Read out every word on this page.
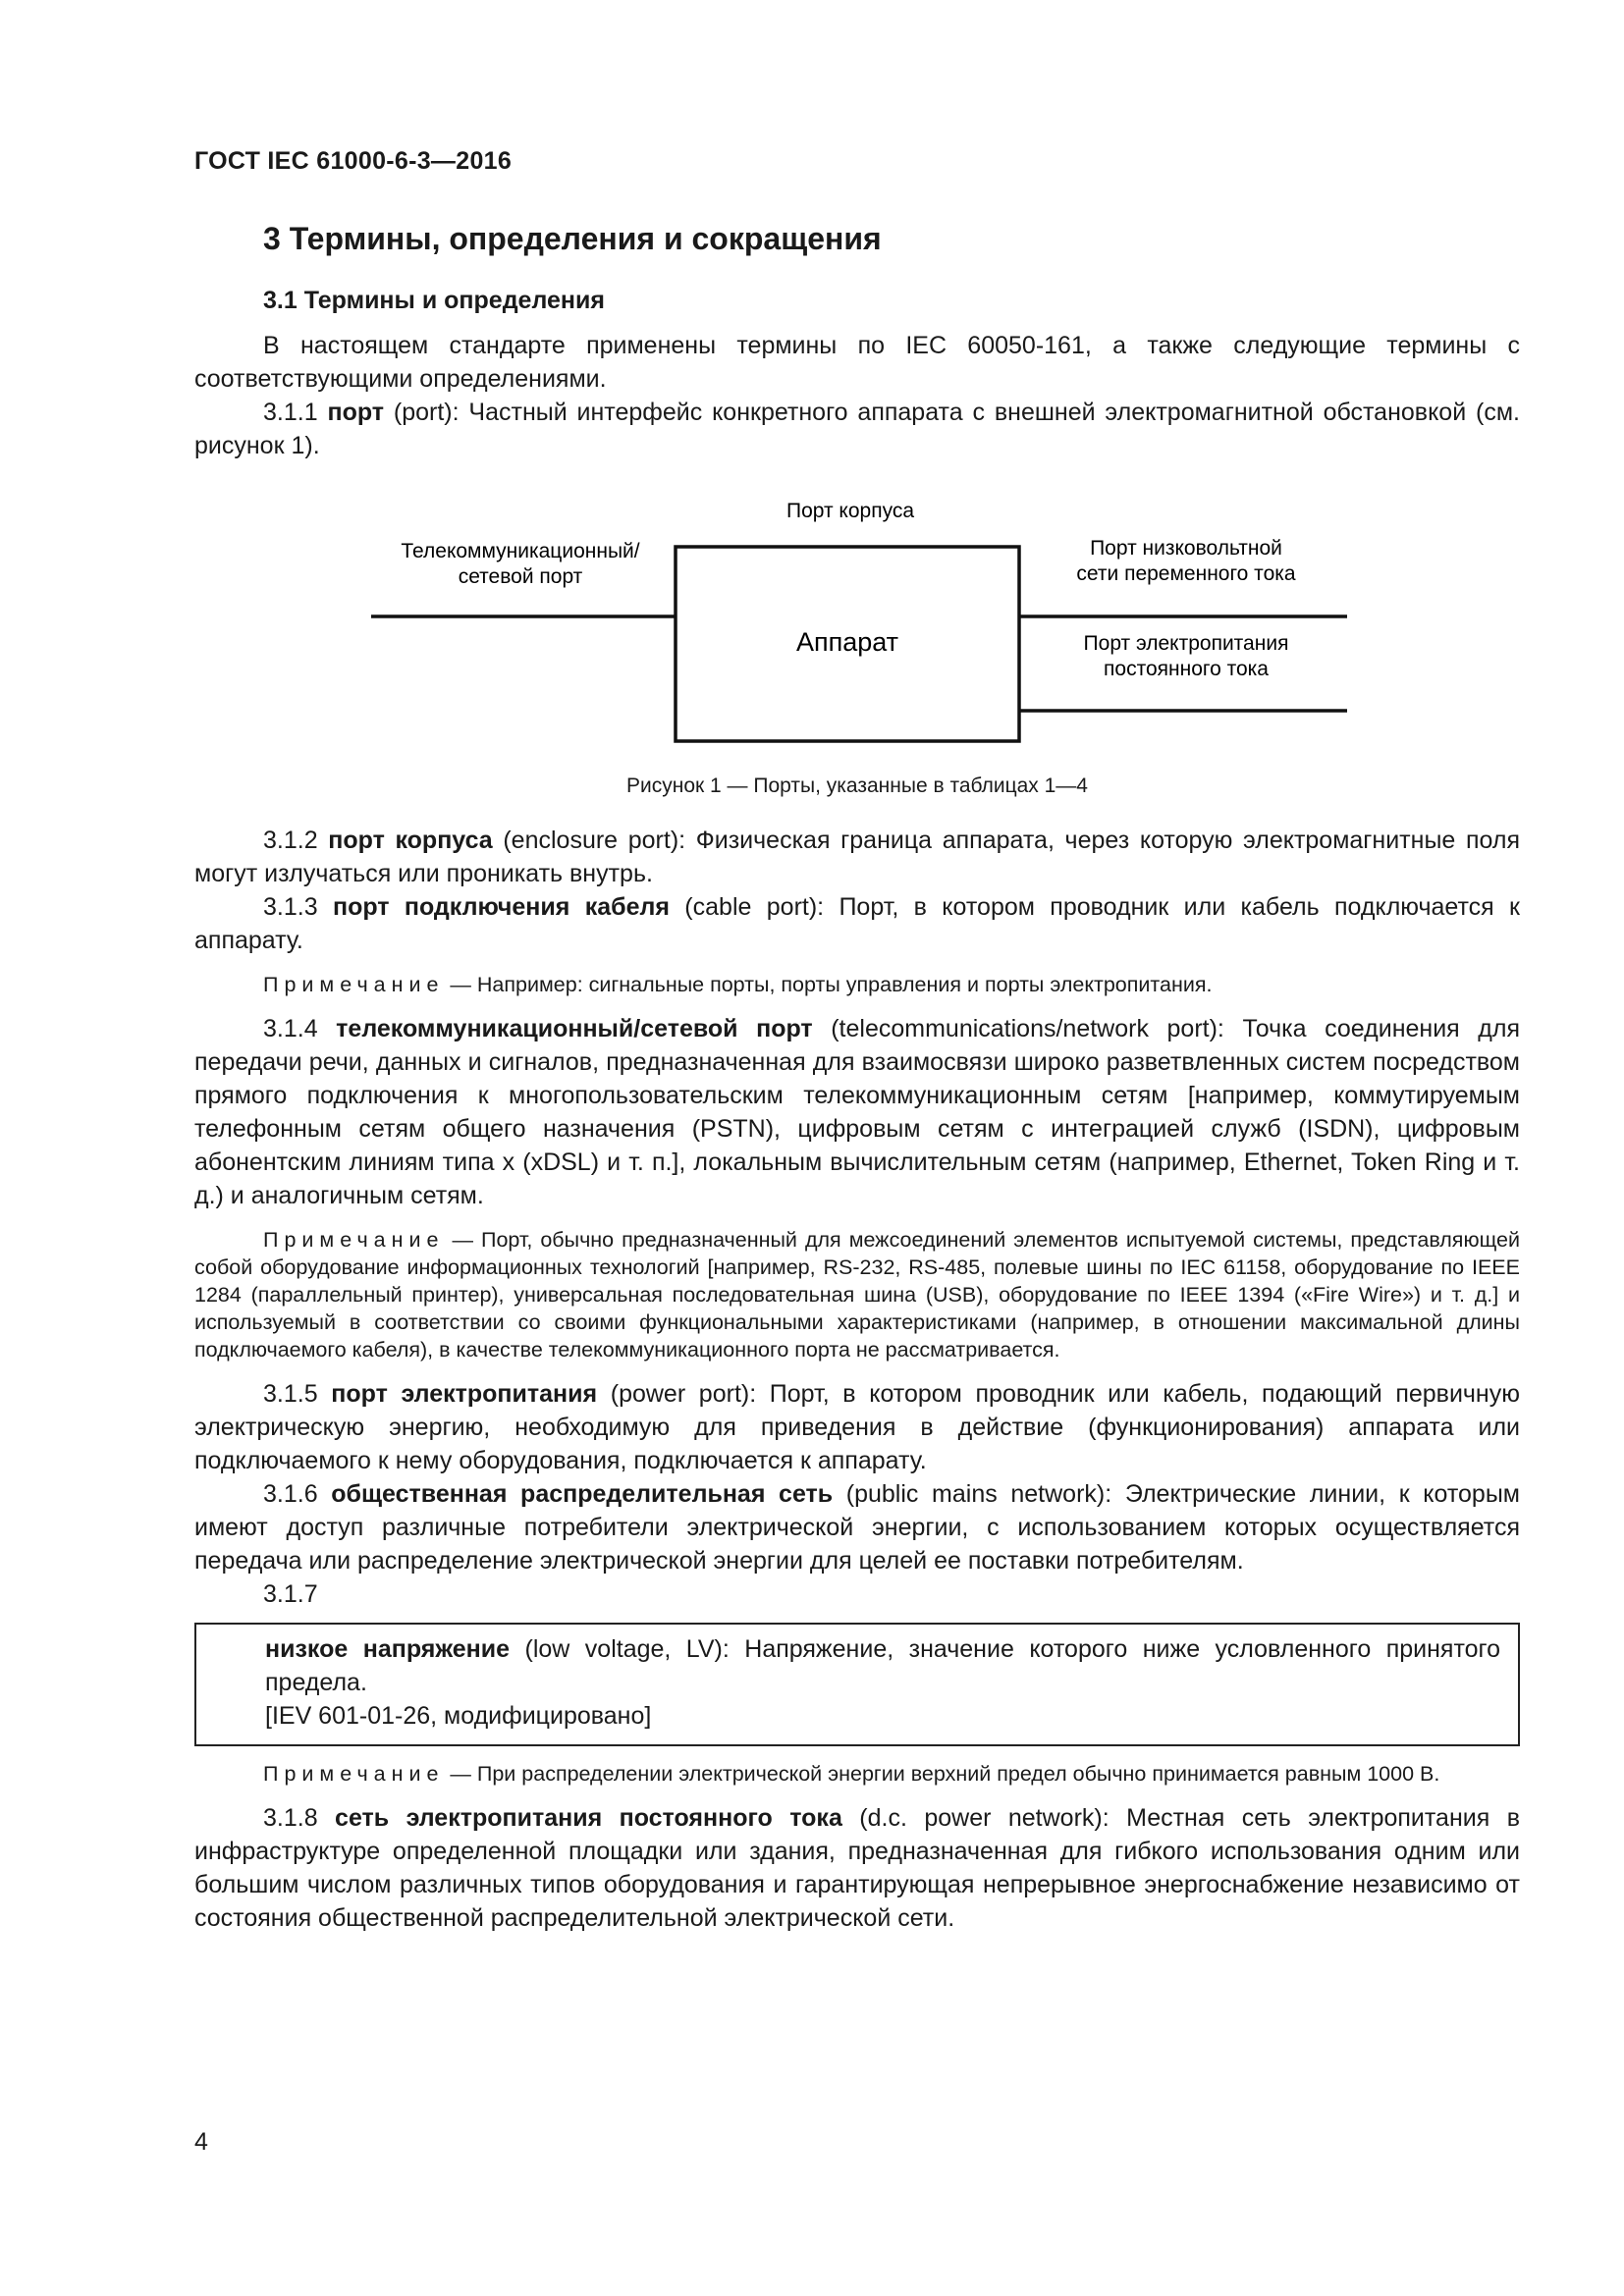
ГОСТ IEC 61000-6-3—2016
3 Термины, определения и сокращения
3.1 Термины и определения

В настоящем стандарте применены термины по IEC 60050-161, а также следующие термины с соответствующими определениями.

3.1.1 порт (port): Частный интерфейс конкретного аппарата с внешней электромагнитной обстановкой (см. рисунок 1).

Порт корпуса
Телекоммуникационный/
сетевой порт
Аппарат
Порт низковольтной
сети переменного тока
Порт электропитания
постоянного тока

Рисунок 1 — Порты, указанные в таблицах 1—4

3.1.2 порт корпуса (enclosure port): Физическая граница аппарата, через которую электромагнитные поля могут излучаться или проникать внутрь.

3.1.3 порт подключения кабеля (cable port): Порт, в котором проводник или кабель подключается к аппарату.

Примечание — Например: сигнальные порты, порты управления и порты электропитания.

3.1.4 телекоммуникационный/сетевой порт (telecommunications/network port): Точка соединения для передачи речи, данных и сигналов, предназначенная для взаимосвязи широко разветвленных систем посредством прямого подключения к многопользовательским телекоммуникационным сетям [например, коммутируемым телефонным сетям общего назначения (PSTN), цифровым сетям с интеграцией служб (ISDN), цифровым абонентским линиям типа x (xDSL) и т. п.], локальным вычислительным сетям (например, Ethernet, Token Ring и т. д.) и аналогичным сетям.

Примечание — Порт, обычно предназначенный для межсоединений элементов испытуемой системы, представляющей собой оборудование информационных технологий [например, RS-232, RS-485, полевые шины по IEC 61158, оборудование по IEEE 1284 (параллельный принтер), универсальная последовательная шина (USB), оборудование по IEEE 1394 («Fire Wire») и т. д.] и используемый в соответствии со своими функциональными характеристиками (например, в отношении максимальной длины подключаемого кабеля), в качестве телекоммуникационного порта не рассматривается.

3.1.5 порт электропитания (power port): Порт, в котором проводник или кабель, подающий первичную электрическую энергию, необходимую для приведения в действие (функционирования) аппарата или подключаемого к нему оборудования, подключается к аппарату.

3.1.6 общественная распределительная сеть (public mains network): Электрические линии, к которым имеют доступ различные потребители электрической энергии, с использованием которых осуществляется передача или распределение электрической энергии для целей ее поставки потребителям.

3.1.7

низкое напряжение (low voltage, LV): Напряжение, значение которого ниже условленного принятого предела.

[IEV 601-01-26, модифицировано]

Примечание — При распределении электрической энергии верхний предел обычно принимается равным 1000 В.

3.1.8 сеть электропитания постоянного тока (d.c. power network): Местная сеть электропитания в инфраструктуре определенной площадки или здания, предназначенная для гибкого использования одним или большим числом различных типов оборудования и гарантирующая непрерывное энергоснабжение независимо от состояния общественной распределительной электрической сети.

4
